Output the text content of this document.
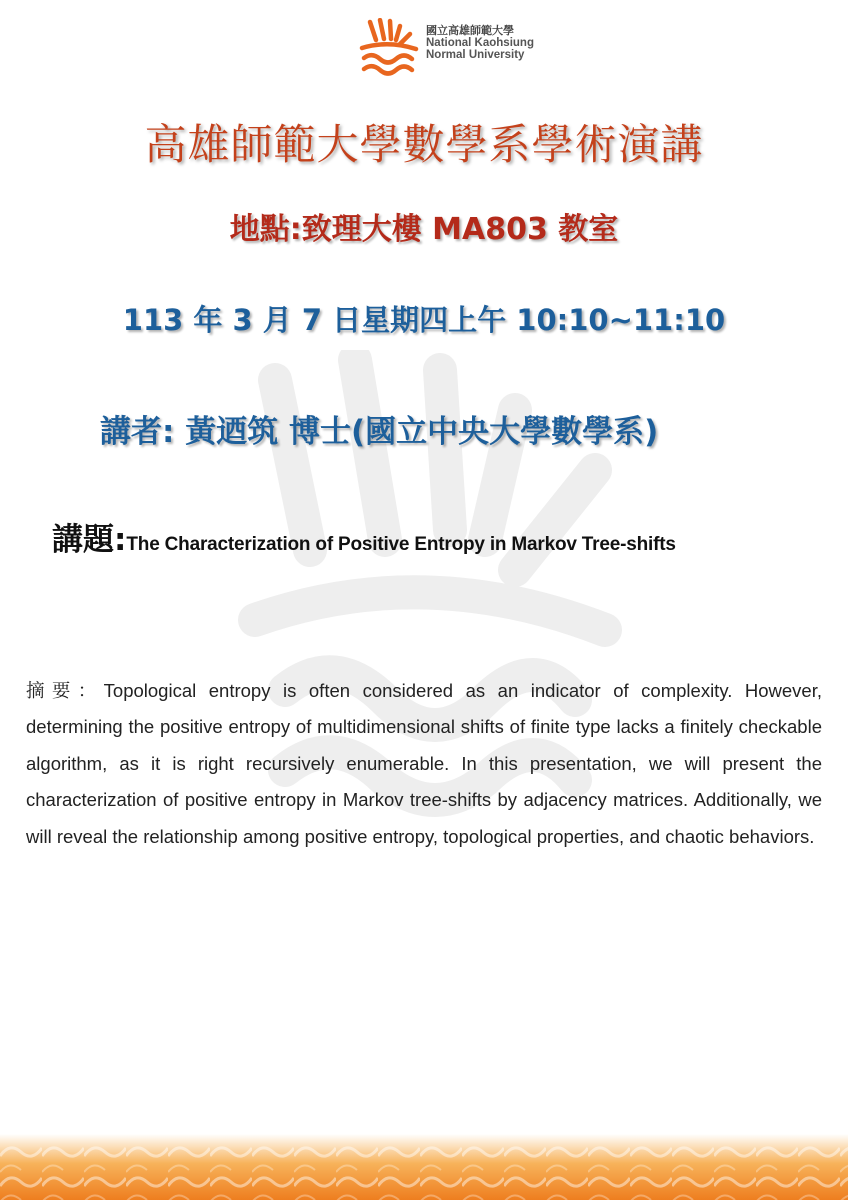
國立高雄師範大學
National Kaohsiung
Normal University
高雄師範大學數學系學術演講
地點:致理大樓 MA803 教室
113 年 3 月 7 日星期四上午 10:10~11:10
講者: 黃迺筑 博士(國立中央大學數學系)
講題:The Characterization of Positive Entropy in Markov Tree-shifts
摘要：Topological entropy is often considered as an indicator of complexity. However, determining the positive entropy of multidimensional shifts of finite type lacks a finitely checkable algorithm, as it is right recursively enumerable. In this presentation, we will present the characterization of positive entropy in Markov tree-shifts by adjacency matrices. Additionally, we will reveal the relationship among positive entropy, topological properties, and chaotic behaviors.
